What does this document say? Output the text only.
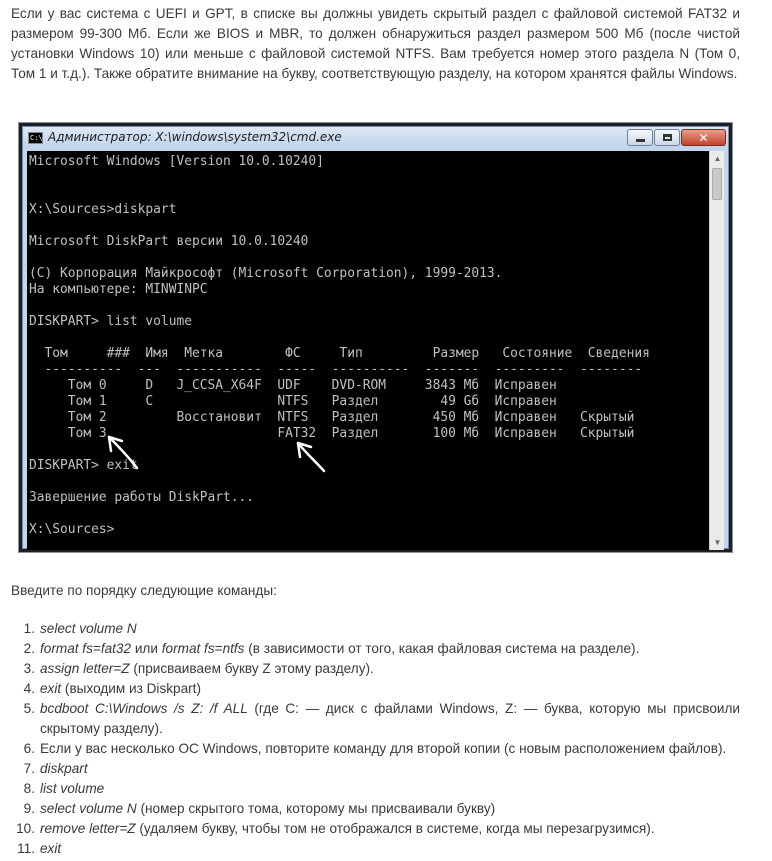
Если у вас система с UEFI и GPT, в списке вы должны увидеть скрытый раздел с файловой системой FAT32 и размером 99-300 Мб. Если же BIOS и MBR, то должен обнаружиться раздел размером 500 Мб (после чистой установки Windows 10) или меньше с файловой системой NTFS. Вам требуется номер этого раздела N (Том 0, Том 1 и т.д.). Также обратите внимание на букву, соответствующую разделу, на котором хранятся файлы Windows.

C:\ Администратор: X:\windows\system32\cmd.exe	✕
Microsoft Windows [Version 10.0.10240]

X:\Sources>diskpart

Microsoft DiskPart версии 10.0.10240

(C) Корпорация Майкрософт (Microsoft Corporation), 1999-2013.
На компьютере: MINWINPC

DISKPART> list volume

Том     ###  Имя  Метка        ФС     Тип         Размер   Состояние  Сведения
----------  ---  -----------  -----  ----------  -------  ---------  --------
Том 0     D   J_CCSA_X64F  UDF    DVD-ROM     3843 Мб  Исправен
Том 1     C                NTFS   Раздел        49 Gб  Исправен
Том 2         Восстановит  NTFS   Раздел       450 Мб  Исправен   Скрытый
Том 3                      FAT32  Раздел       100 Мб  Исправен   Скрытый

DISKPART> exit

Завершение работы DiskPart...

X:\Sources>
▲
▼

Введите по порядку следующие команды:

1. select volume N
2. format fs=fat32 или format fs=ntfs (в зависимости от того, какая файловая система на разделе).
3. assign letter=Z (присваиваем букву Z этому разделу).
4. exit (выходим из Diskpart)
5. bcdboot C:\Windows /s Z: /f ALL (где C: — диск с файлами Windows, Z: — буква, которую мы присвоили скрытому разделу).
6. Если у вас несколько ОС Windows, повторите команду для второй копии (с новым расположением файлов).
7. diskpart
8. list volume
9. select volume N (номер скрытого тома, которому мы присваивали букву)
10. remove letter=Z (удаляем букву, чтобы том не отображался в системе, когда мы перезагрузимся).
11. exit
